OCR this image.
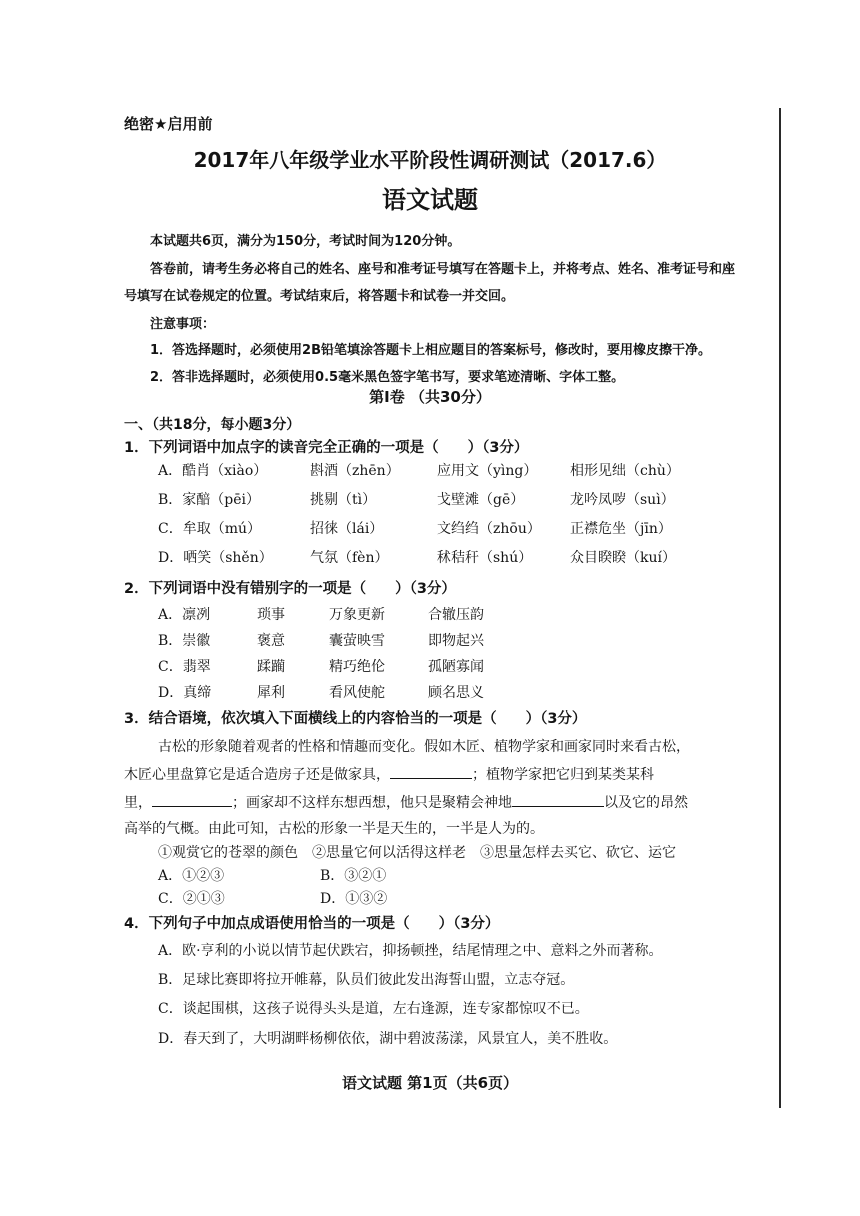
绝密★启用前
2017年八年级学业水平阶段性调研测试（2017.6）
语文试题
本试题共6页，满分为150分，考试时间为120分钟。
答卷前，请考生务必将自己的姓名、座号和准考证号填写在答题卡上，并将考点、姓名、准考证号和座
号填写在试卷规定的位置。考试结束后，将答题卡和试卷一并交回。
注意事项：
1．答选择题时，必须使用2B铅笔填涂答题卡上相应题目的答案标号，修改时，要用橡皮擦干净。
2．答非选择题时，必须使用0.5毫米黑色签字笔书写，要求笔迹清晰、字体工整。
第Ⅰ卷 （共30分）
一、（共18分，每小题3分）
1．下列词语中加点字的读音完全正确的一项是（　　）（3分）
A．酷肖（xiào）	斟酒（zhēn）	应用文（yìng） 相形见绌（chù）
B．家醅（pēi）	挑剔（tì）	戈壁滩（gē）	龙吟凤哕（suì）
C．牟取（mú）	招徕（lái）	文绉绉（zhōu） 正襟危坐（jīn）
D．哂笑（shěn）	气氛（fèn）	秫秸秆（shú）	众目睽睽（kuí）
2．下列词语中没有错别字的一项是（　　）（3分）
A．凛冽	琐事	万象更新	合辙压韵
B．崇徽	褒意	囊萤映雪	即物起兴
C．翡翠	蹂躏	精巧绝伦	孤陋寡闻
D．真缔	犀利	看风使舵	顾名思义
3．结合语境，依次填入下面横线上的内容恰当的一项是（　　）（3分）
古松的形象随着观者的性格和情趣而变化。假如木匠、植物学家和画家同时来看古松，
木匠心里盘算它是适合造房子还是做家具，	；植物学家把它归到某类某科
里，	；画家却不这样东想西想，他只是聚精会神地	以及它的昂然
高举的气概。由此可知，古松的形象一半是天生的，一半是人为的。
①观赏它的苍翠的颜色　②思量它何以活得这样老　③思量怎样去买它、砍它、运它
A．①②③	B．③②①
C．②①③	D．①③②
4．下列句子中加点成语使用恰当的一项是（　　）（3分）
A．欧·亨利的小说以情节起伏跌宕，抑扬顿挫，结尾情理之中、意料之外而著称。
B．足球比赛即将拉开帷幕，队员们彼此发出海誓山盟，立志夺冠。
C．谈起围棋，这孩子说得头头是道，左右逢源，连专家都惊叹不已。
D．春天到了，大明湖畔杨柳依依，湖中碧波荡漾，风景宜人，美不胜收。
语文试题 第1页（共6页）
